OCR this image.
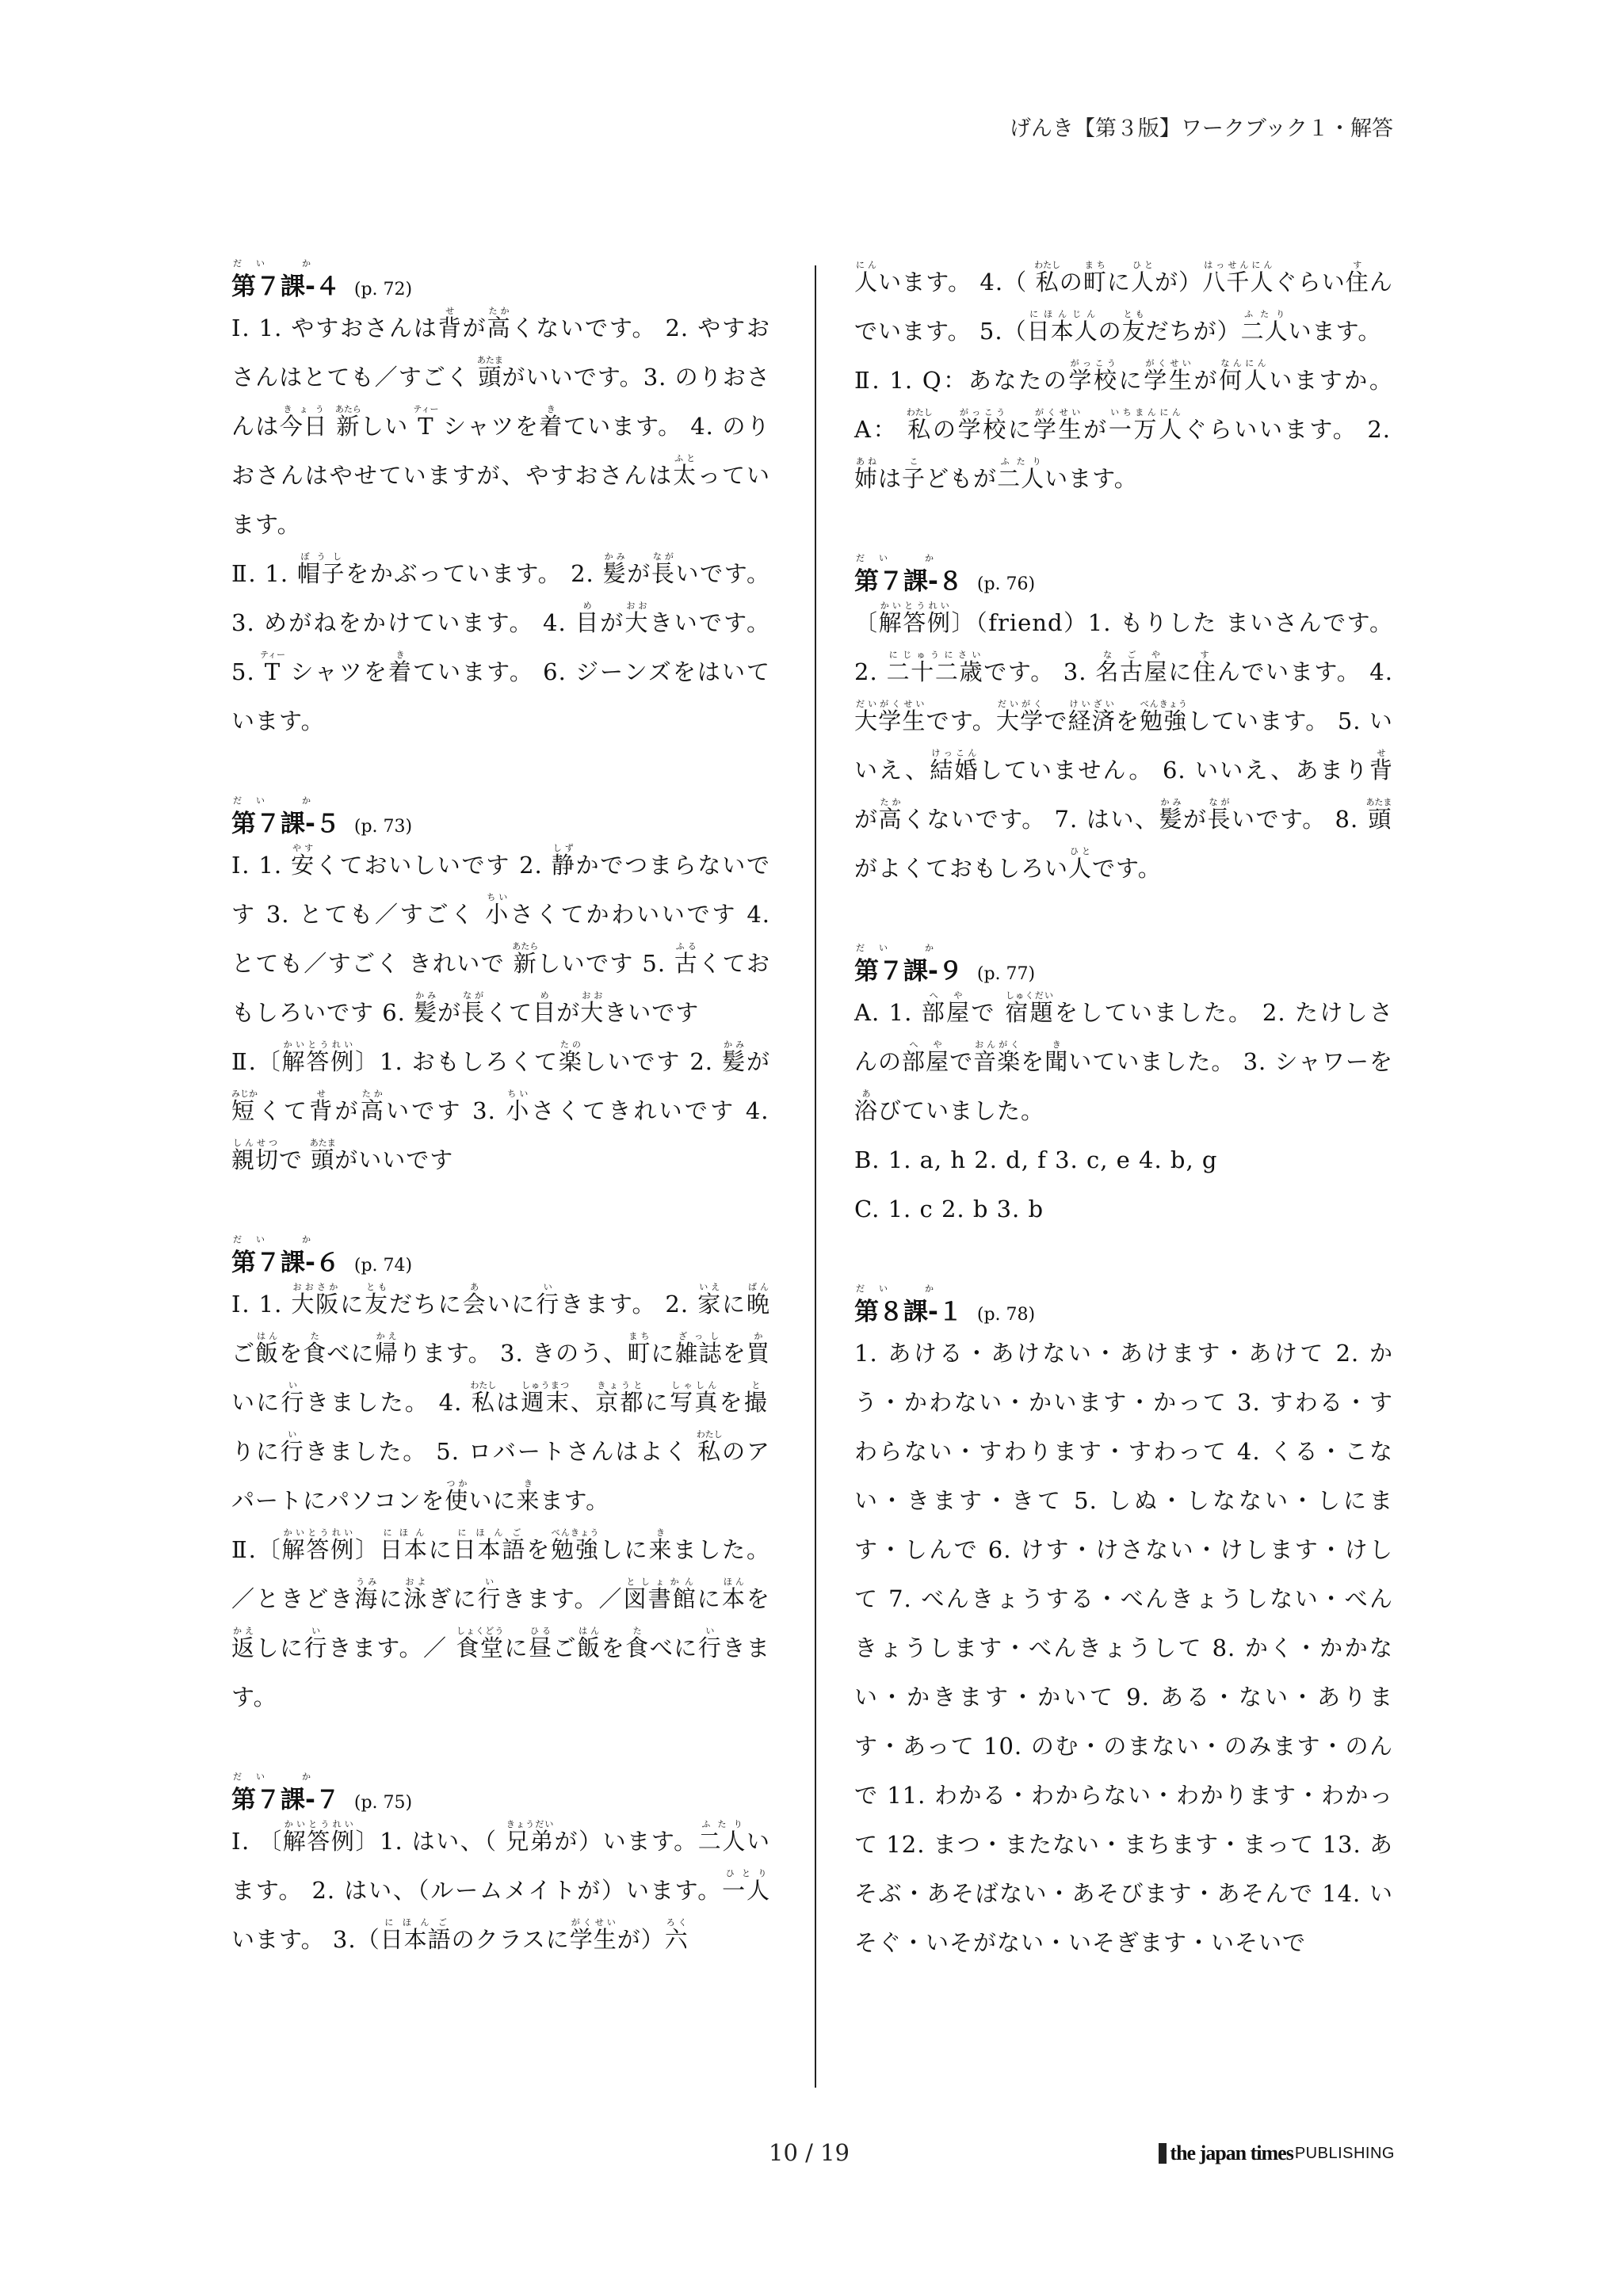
げんき【第３版】ワークブック１・解答
だい　か
第７課-４ (p. 72)

Ⅰ. 1. やすおさんは背せが高たかくないです。 2. やすおさんはとても／すごく 頭あたまがいいです。3. のりおさんは今日きょう 新あたらしい Tティー シャツを着きています。 4. のりおさんはやせていますが、やすおさんは太ふとっています。

Ⅱ. 1. 帽子ぼうしをかぶっています。 2. 髪かみが長ながいです。 3. めがねをかけています。 4. 目めが大おおきいです。 5. Tティー シャツを着きています。 6. ジーンズをはいています。

だい　か
第７課-５ (p. 73)

Ⅰ. 1. 安やすくておいしいです 2. 静しずかでつまらないです 3. とても／すごく 小ちいさくてかわいいです 4. とても／すごく きれいで 新あたらしいです 5. 古ふるくておもしろいです 6. 髪かみが長ながくて目めが大おおきいです

Ⅱ.〔解答例かいとうれい〕1. おもしろくて楽たのしいです 2. 髪かみが 短みじかくて背せが高たかいです 3. 小ちいさくてきれいです 4. 親切しんせつで 頭あたまがいいです

だい　か
第７課-６ (p. 74)

Ⅰ. 1. 大阪おおさかに友ともだちに会あいに行いきます。 2. 家いえに晩ばんご飯はんを食たべに帰かえります。 3. きのう、町まちに雑誌ざっしを買かいに行いきました。 4. 私わたしは週末しゅうまつ、京都きょうとに写真しゃしんを撮とりに行いきました。 5. ロバートさんはよく 私わたしのアパートにパソコンを使つかいに来きます。

Ⅱ.〔解答例かいとうれい〕日本にほんに日本語にほんごを勉強べんきょうしに来きました。／ときどき海うみに泳およぎに行いきます。／図書館としょかんに本ほんを返かえしに行いきます。／ 食堂しょくどうに昼ひるご飯はんを食たべに行いきます。

だい　か
第７課-７ (p. 75)

Ⅰ. 〔解答例かいとうれい〕1. はい、（ 兄弟きょうだいが）います。二人ふたりいます。 2. はい、（ルームメイトが）います。一人ひとりいます。 3.（日本語にほんごのクラスに学生がくせいが）六ろく

人にんいます。 4.（ 私わたしの町まちに人ひとが）八千人はっせんにんぐらい住すんでいます。 5.（日本人にほんじんの友ともだちが）二人ふたりいます。

Ⅱ. 1. Q：あなたの学校がっこうに学生がくせいが何人なんにんいますか。 A： 私わたしの学校がっこうに学生がくせいが一万人いちまんにんぐらいいます。 2. 姉あねは子こどもが二人ふたりいます。

だい　か
第７課-８ (p. 76)

〔解答例かいとうれい〕（friend）1. もりした まいさんです。 2. 二十二歳にじゅうにさいです。 3. 名古屋なごやに住すんでいます。 4. 大学生だいがくせいです。大学だいがくで経済けいざいを勉強べんきょうしています。 5. いいえ、結婚けっこんしていません。 6. いいえ、あまり背せが高たかくないです。 7. はい、髪かみが長ながいです。 8. 頭あたまがよくておもしろい人ひとです。

だい　か
第７課-９ (p. 77)

A. 1. 部屋へやで 宿題しゅくだいをしていました。 2. たけしさんの部屋へやで音楽おんがくを聞きいていました。 3. シャワーを浴あびていました。

B. 1. a, h 2. d, f 3. c, e 4. b, g

C. 1. c 2. b 3. b

だい　か
第８課-１ (p. 78)

1. あける・あけない・あけます・あけて 2. かう・かわない・かいます・かって 3. すわる・すわらない・すわります・すわって 4. くる・こない・きます・きて 5. しぬ・しなない・しにます・しんで 6. けす・けさない・けします・けして 7. べんきょうする・べんきょうしない・べんきょうします・べんきょうして 8. かく・かかない・かきます・かいて 9. ある・ない・あります・あって 10. のむ・のまない・のみます・のんで 11. わかる・わからない・わかります・わかって 12. まつ・またない・まちます・まって 13. あそぶ・あそばない・あそびます・あそんで 14. いそぐ・いそがない・いそぎます・いそいで

10 / 19	the japan times PUBLISHING
